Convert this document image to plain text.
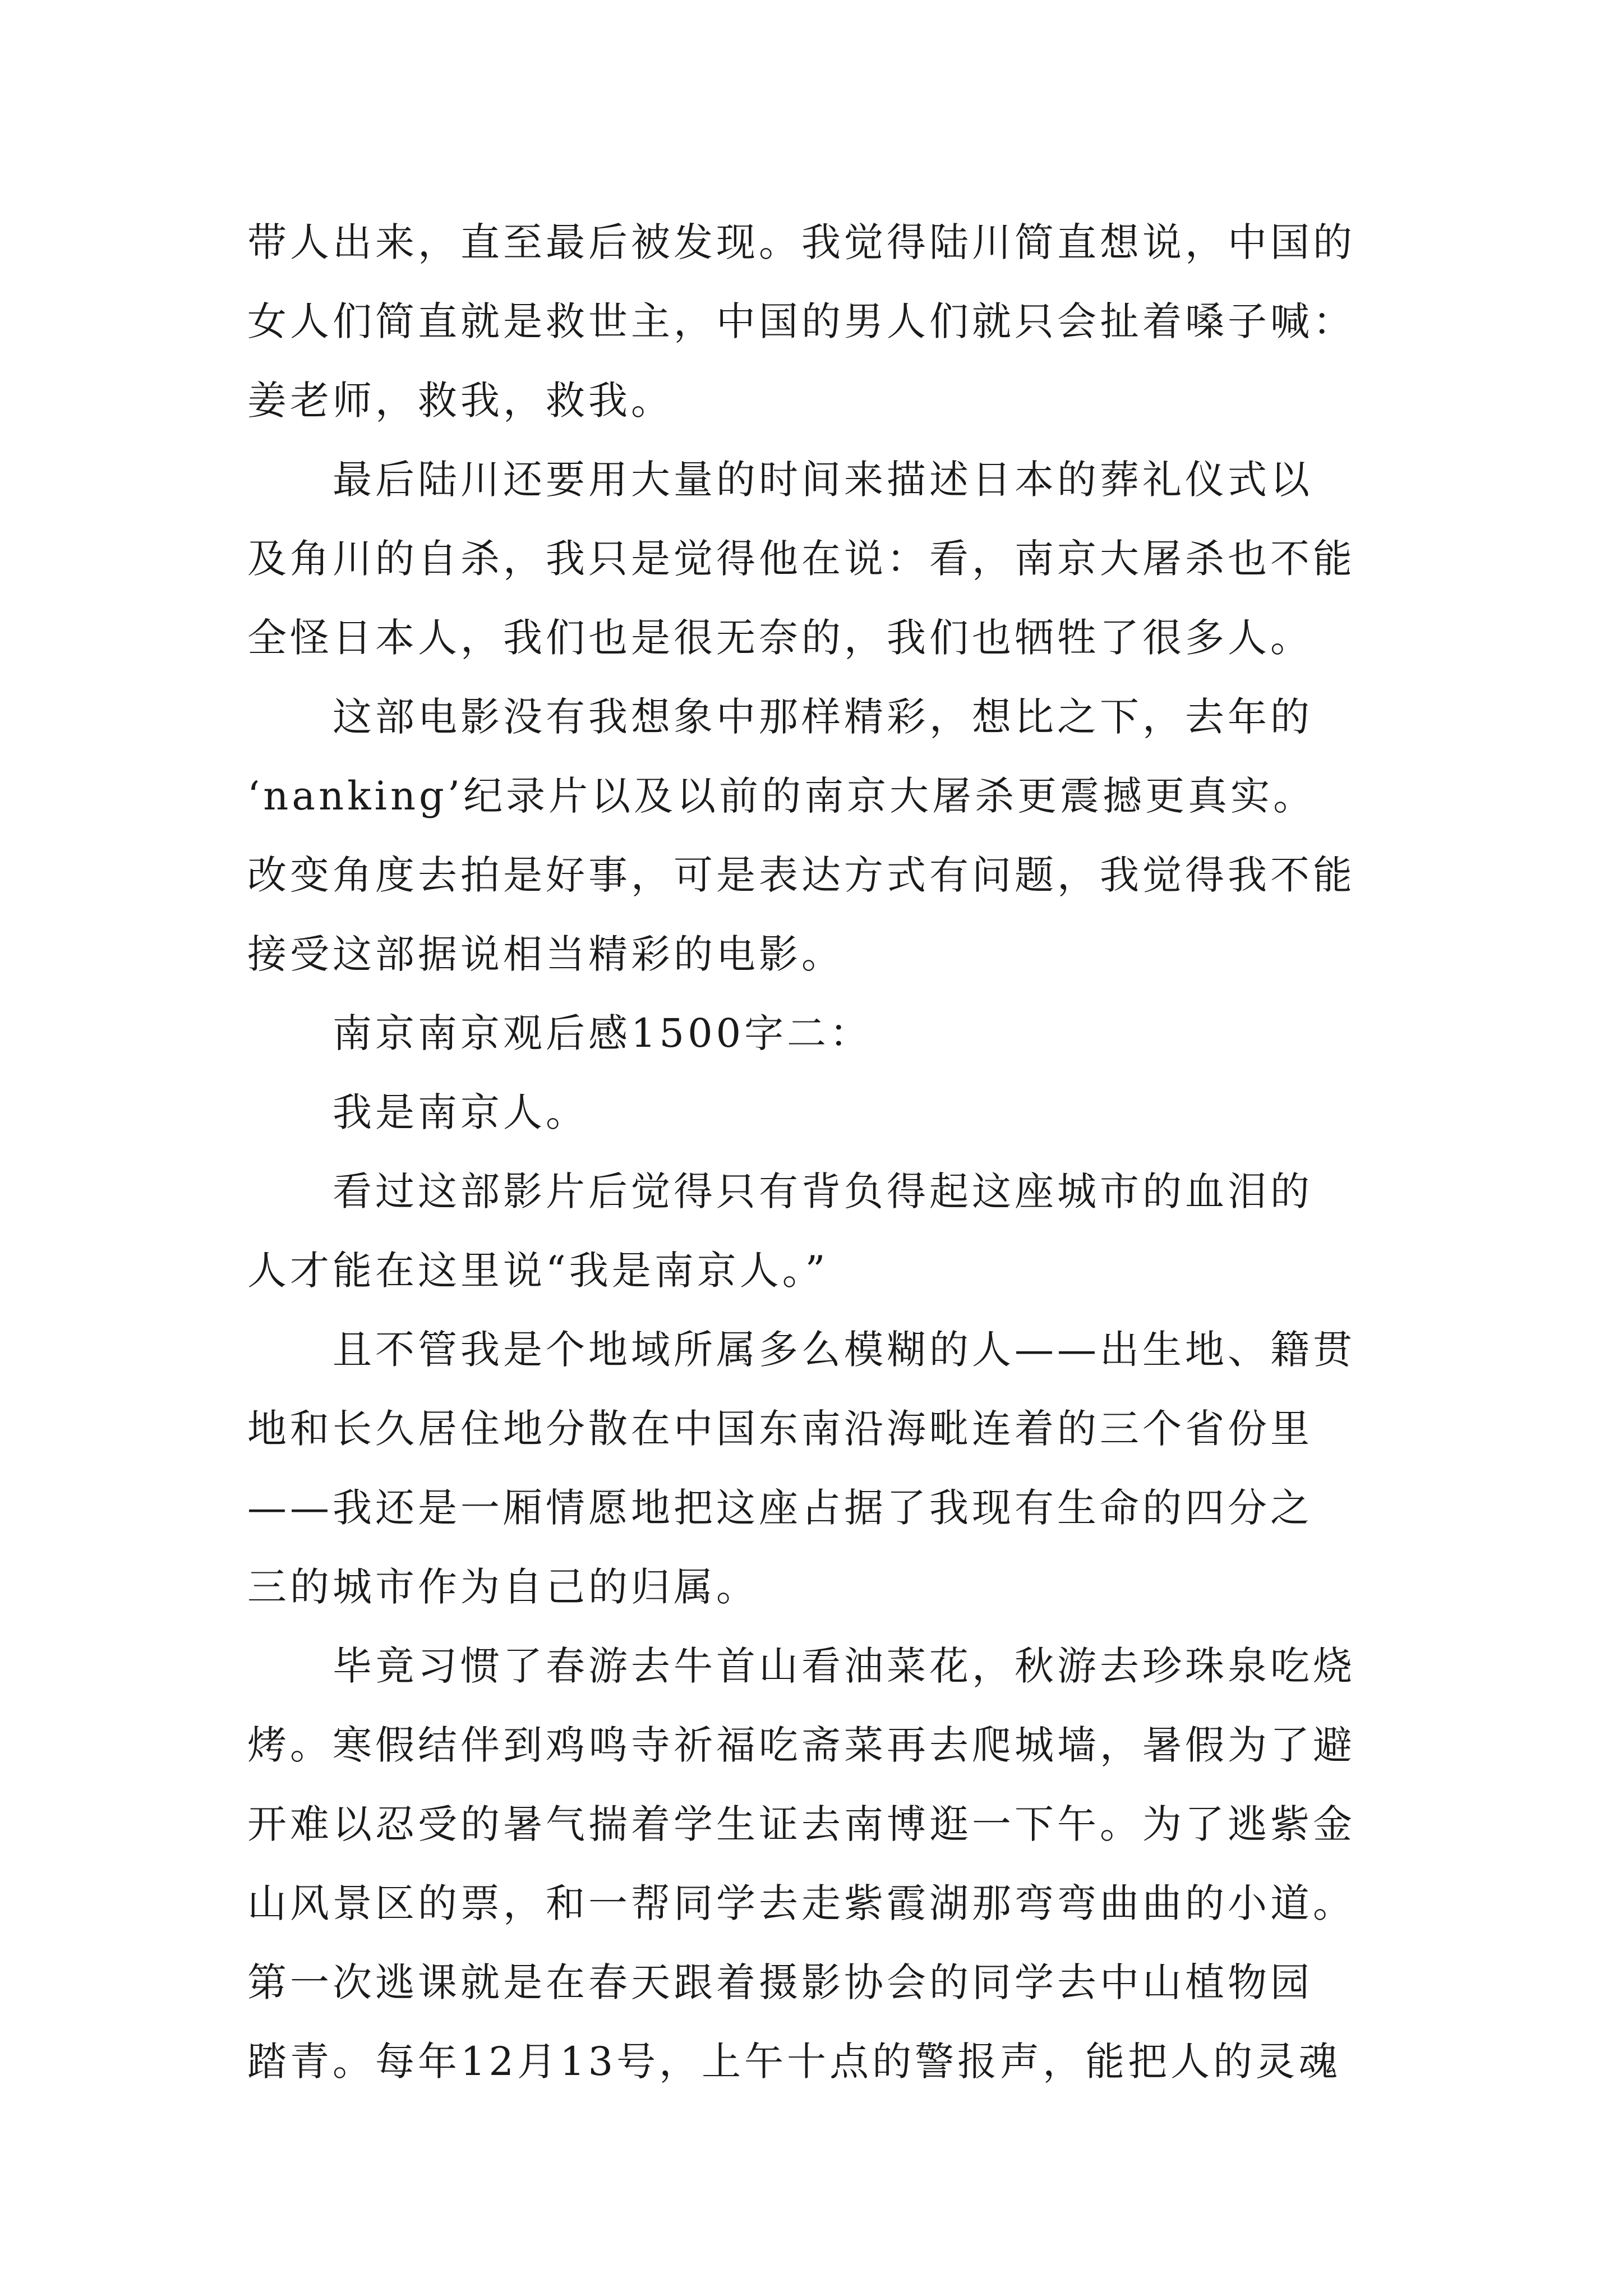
带人出来，直至最后被发现。我觉得陆川简直想说，中国的
女人们简直就是救世主，中国的男人们就只会扯着嗓子喊：
姜老师，救我，救我。
最后陆川还要用大量的时间来描述日本的葬礼仪式以
及角川的自杀，我只是觉得他在说：看，南京大屠杀也不能
全怪日本人，我们也是很无奈的，我们也牺牲了很多人。
这部电影没有我想象中那样精彩，想比之下，去年的
‘nanking’纪录片以及以前的南京大屠杀更震撼更真实。
改变角度去拍是好事，可是表达方式有问题，我觉得我不能
接受这部据说相当精彩的电影。
南京南京观后感1500字二：
我是南京人。
看过这部影片后觉得只有背负得起这座城市的血泪的
人才能在这里说“我是南京人。”
且不管我是个地域所属多么模糊的人——出生地、籍贯
地和长久居住地分散在中国东南沿海毗连着的三个省份里
——我还是一厢情愿地把这座占据了我现有生命的四分之
三的城市作为自己的归属。
毕竟习惯了春游去牛首山看油菜花，秋游去珍珠泉吃烧
烤。寒假结伴到鸡鸣寺祈福吃斋菜再去爬城墙，暑假为了避
开难以忍受的暑气揣着学生证去南博逛一下午。为了逃紫金
山风景区的票，和一帮同学去走紫霞湖那弯弯曲曲的小道。
第一次逃课就是在春天跟着摄影协会的同学去中山植物园
踏青。每年12月13号，上午十点的警报声，能把人的灵魂
